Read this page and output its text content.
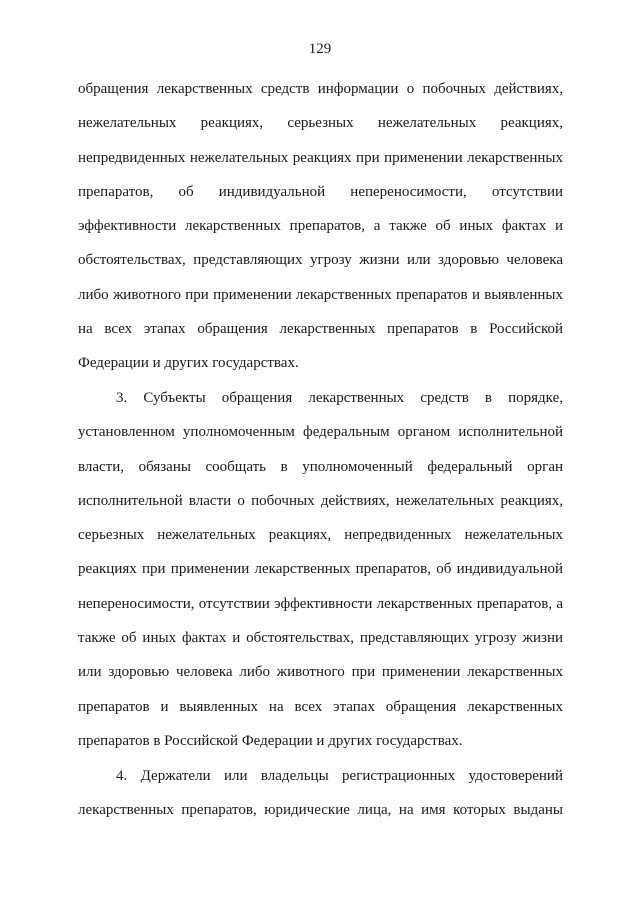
129
обращения лекарственных средств информации о побочных действиях,
нежелательных реакциях, серьезных нежелательных реакциях,
непредвиденных нежелательных реакциях при применении лекарственных
препаратов, об индивидуальной непереносимости, отсутствии
эффективности лекарственных препаратов, а также об иных фактах и
обстоятельствах, представляющих угрозу жизни или здоровью человека
либо животного при применении лекарственных препаратов и выявленных
на всех этапах обращения лекарственных препаратов в Российской
Федерации и других государствах.
3. Субъекты обращения лекарственных средств в порядке,
установленном уполномоченным федеральным органом исполнительной
власти, обязаны сообщать в уполномоченный федеральный орган
исполнительной власти о побочных действиях, нежелательных реакциях,
серьезных нежелательных реакциях, непредвиденных нежелательных
реакциях при применении лекарственных препаратов, об индивидуальной
непереносимости, отсутствии эффективности лекарственных препаратов, а
также об иных фактах и обстоятельствах, представляющих угрозу жизни
или здоровью человека либо животного при применении лекарственных
препаратов и выявленных на всех этапах обращения лекарственных
препаратов в Российской Федерации и других государствах.
4. Держатели или владельцы регистрационных удостоверений
лекарственных препаратов, юридические лица, на имя которых выданы
